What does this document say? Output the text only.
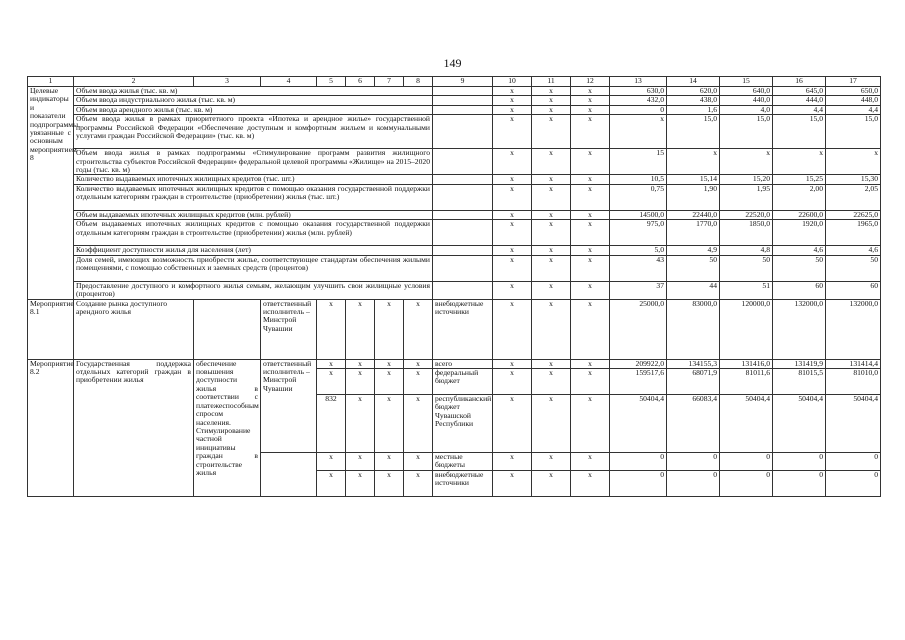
149
1	2	3	4	5	6	7	8	9	10	11	12	13	14	15	16	17
Целевые индикаторы и показатели подпрограммы, увязанные с основным мероприятием 8	Объем ввода жилья (тыс. кв. м)								x	x	x	630,0	620,0	640,0	645,0	650,0
	Объем ввода индустриального жилья (тыс. кв. м)								x	x	x	432,0	438,0	440,0	444,0	448,0
	Объем ввода арендного жилья (тыс. кв. м)								x	x	x	0	1,6	4,0	4,4	4,4
	Объем ввода жилья в рамках приоритетного проекта «Ипотека и арендное жилье» государственной программы Российской Федерации «Обеспечение доступным и комфортным жильем и коммунальными услугами граждан Российской Федерации» (тыс. кв. м)								x	x	x	x	15,0	15,0	15,0	15,0
	Объем ввода жилья в рамках подпрограммы «Стимулирование программ развития жилищного строительства субъектов Российской Федерации» федеральной целевой программы «Жилище» на 2015–2020 годы (тыс. кв. м)								x	x	x	15	x	x	x	x
	Количество выдаваемых ипотечных жилищных кредитов (тыс. шт.)								x	x	x	10,5	15,14	15,20	15,25	15,30
	Количество выдаваемых ипотечных жилищных кредитов с помощью оказания государственной поддержки отдельным категориям граждан в строительстве (приобретении) жилья (тыс. шт.)								x	x	x	0,75	1,90	1,95	2,00	2,05
	Объем выдаваемых ипотечных жилищных кредитов (млн. рублей)								x	x	x	14500,0	22440,0	22520,0	22600,0	22625,0
	Объем выдаваемых ипотечных жилищных кредитов с помощью оказания государственной поддержки отдельным категориям граждан в строительстве (приобретении) жилья (млн. рублей)								x	x	x	975,0	1770,0	1850,0	1920,0	1965,0
	Коэффициент доступности жилья для населения (лет)								x	x	x	5,0	4,9	4,8	4,6	4,6
	Доля семей, имеющих возможность приобрести жилье, соответствующее стандартам обеспечения жилыми помещениями, с помощью собственных и заемных средств (процентов)								x	x	x	43	50	50	50	50
	Предоставление доступного и комфортного жилья семьям, желающим улучшить свои жилищные условия (процентов)								x	x	x	37	44	51	60	60
Мероприятие 8.1	Создание рынка доступного арендного жилья		ответственный исполнитель – Минстрой Чувашии	x	x	x	x	внебюджетные источники	x	x	x	25000,0	83000,0	120000,0	132000,0	132000,0
Мероприятие 8.2	Государственная поддержка отдельных категорий граждан в приобретении жилья	обеспечение повышения доступности жилья в соответствии с платежеспособным спросом населения. Стимулирование частной инициативы граждан в строительстве жилья	ответственный исполнитель – Минстрой Чувашии	x	x	x	x	всего	x	x	x	209922,0	134155,3	131416,0	131419,9	131414,4
				x	x	x	x	федеральный бюджет	x	x	x	159517,6	68071,9	81011,6	81015,5	81010,0
				832	x	x	x	республиканский бюджет Чувашской Республики	x	x	x	50404,4	66083,4	50404,4	50404,4	50404,4
				x	x	x	x	местные бюджеты	x	x	x	0	0	0	0	0
				x	x	x	x	внебюджетные источники	x	x	x	0	0	0	0	0
